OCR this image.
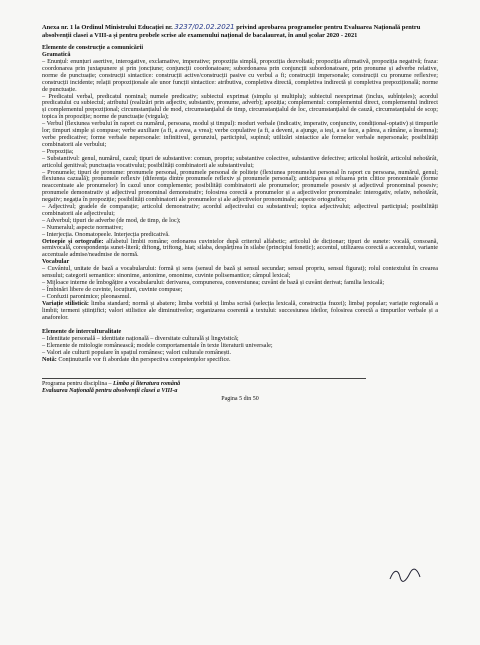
Anexa nr. 1 la Ordinul Ministrului Educației nr. 3237/02.02.2021 privind aprobarea programelor pentru Evaluarea Națională pentru absolvenții clasei a VIII-a și pentru probele scrise ale examenului național de bacalaureat, în anul școlar 2020 - 2021

Elemente de construcție a comunicării

Gramatică

– Enunțul: enunțuri asertive, interogative, exclamative, imperative; propoziția simplă, propoziția dezvoltată; propoziția afirmativă, propoziția negativă; fraza: coordonarea prin juxtapunere și prin joncțiune; conjuncții coordonatoare; subordonarea prin conjuncții subordonatoare, prin pronume și adverbe relative, norme de punctuație; construcții sintactice: construcții active/construcții pasive cu verbul a fi; construcții impersonale; construcții cu pronume reflexive; construcții incidente; relații propoziționale ale unor funcții sintactice: atributiva, completiva directă, completiva indirectă și completiva prepozițională; norme de punctuație.

– Predicatul verbal, predicatul nominal; numele predicativ; subiectul exprimat (simplu și multiplu); subiectul neexprimat (inclus, subînțeles); acordul predicatului cu subiectul; atributul (realizări prin adjectiv, substantiv, pronume, adverb); apoziția; complementul: complementul direct, complementul indirect și complementul prepozițional; circumstanțialul de mod, circumstanțialul de timp, circumstanțialul de loc, circumstanțialul de cauză, circumstanțialul de scop; topica în propoziție; norme de punctuație (virgula);

– Verbul (flexiunea verbului în raport cu numărul, persoana, modul și timpul): moduri verbale (indicativ, imperativ, conjunctiv, condițional-optativ) și timpurile lor; timpuri simple și compuse; verbe auxiliare (a fi, a avea, a vrea); verbe copulative (a fi, a deveni, a ajunge, a ieși, a se face, a părea, a rămâne, a însemna); verbe predicative; forme verbale nepersonale: infinitivul, gerunziul, participiul, supinul; utilizări sintactice ale formelor verbale nepersonale; posibilități combinatorii ale verbului;

– Prepoziția;

– Substantivul: genul, numărul, cazul; tipuri de substantive: comun, propriu; substantive colective, substantive defective; articolul hotărât, articolul nehotărât, articolul genitival; punctuația vocativului; posibilități combinatorii ale substantivului;

– Pronumele; tipuri de pronume: pronumele personal, pronumele personal de politețe (flexiunea pronumelui personal în raport cu persoana, numărul, genul; flexiunea cazuală); pronumele reflexiv (diferența dintre pronumele reflexiv și pronumele personal); anticiparea și reluarea prin clitice pronominale (forme neaccentuate ale pronumelor) în cazul unor complemente; posibilități combinatorii ale pronumelor; pronumele posesiv și adjectivul pronominal posesiv; pronumele demonstrativ și adjectivul pronominal demonstrativ; folosirea corectă a pronumelor și a adjectivelor pronominale: interogativ, relativ, nehotărât, negativ; negația în propoziție; posibilități combinatorii ale pronumelor și ale adjectivelor pronominale; aspecte ortografice;

– Adjectivul; gradele de comparație; articolul demonstrativ; acordul adjectivului cu substantivul; topica adjectivului; adjectivul participial; posibilități combinatorii ale adjectivului;

– Adverbul; tipuri de adverbe (de mod, de timp, de loc);

– Numeralul; aspecte normative;

– Interjecția. Onomatopeele. Interjecția predicativă.

Ortoepie și ortografie: alfabetul limbii române; ordonarea cuvintelor după criteriul alfabetic; articolul de dicționar; tipuri de sunete: vocală, consoană, semivocală, corespondența sunet-literă; diftong, triftong, hiat; silaba, despărțirea în silabe (principiul fonetic); accentul, utilizarea corectă a accentului, variante accentuale admise/neadmise de normă.

Vocabular

– Cuvântul, unitate de bază a vocabularului: formă și sens (sensul de bază și sensul secundar; sensul propriu, sensul figurat); rolul contextului în crearea sensului; categorii semantice: sinonime, antonime, omonime, cuvinte polisemantice; câmpul lexical;

– Mijloace interne de îmbogățire a vocabularului: derivarea, compunerea, conversiunea; cuvânt de bază și cuvânt derivat; familia lexicală;

– Îmbinări libere de cuvinte, locuțiuni, cuvinte compuse;

– Confuzii paronimice; pleonasmul.

Variație stilistică: limba standard; normă și abatere; limba vorbită și limba scrisă (selecția lexicală, construcția frazei); limbaj popular; variație regională a limbii; termeni științifici; valori stilistice ale diminutivelor; organizarea coerentă a textului: succesiunea ideilor, folosirea corectă a timpurilor verbale și a anaforelor.

Elemente de interculturalitate

– Identitate personală – identitate națională – diversitate culturală și lingvistică;

– Elemente de mitologie românească; modele comportamentale în texte literaturii universale;

– Valori ale culturii populare în spațiul românesc; valori culturale românești.

Notă: Conținuturile vor fi abordate din perspectiva competențelor specifice.

Programa pentru disciplina – Limba și literatura română
Evaluarea Națională pentru absolvenții clasei a VIII-a
Pagina 5 din 50
